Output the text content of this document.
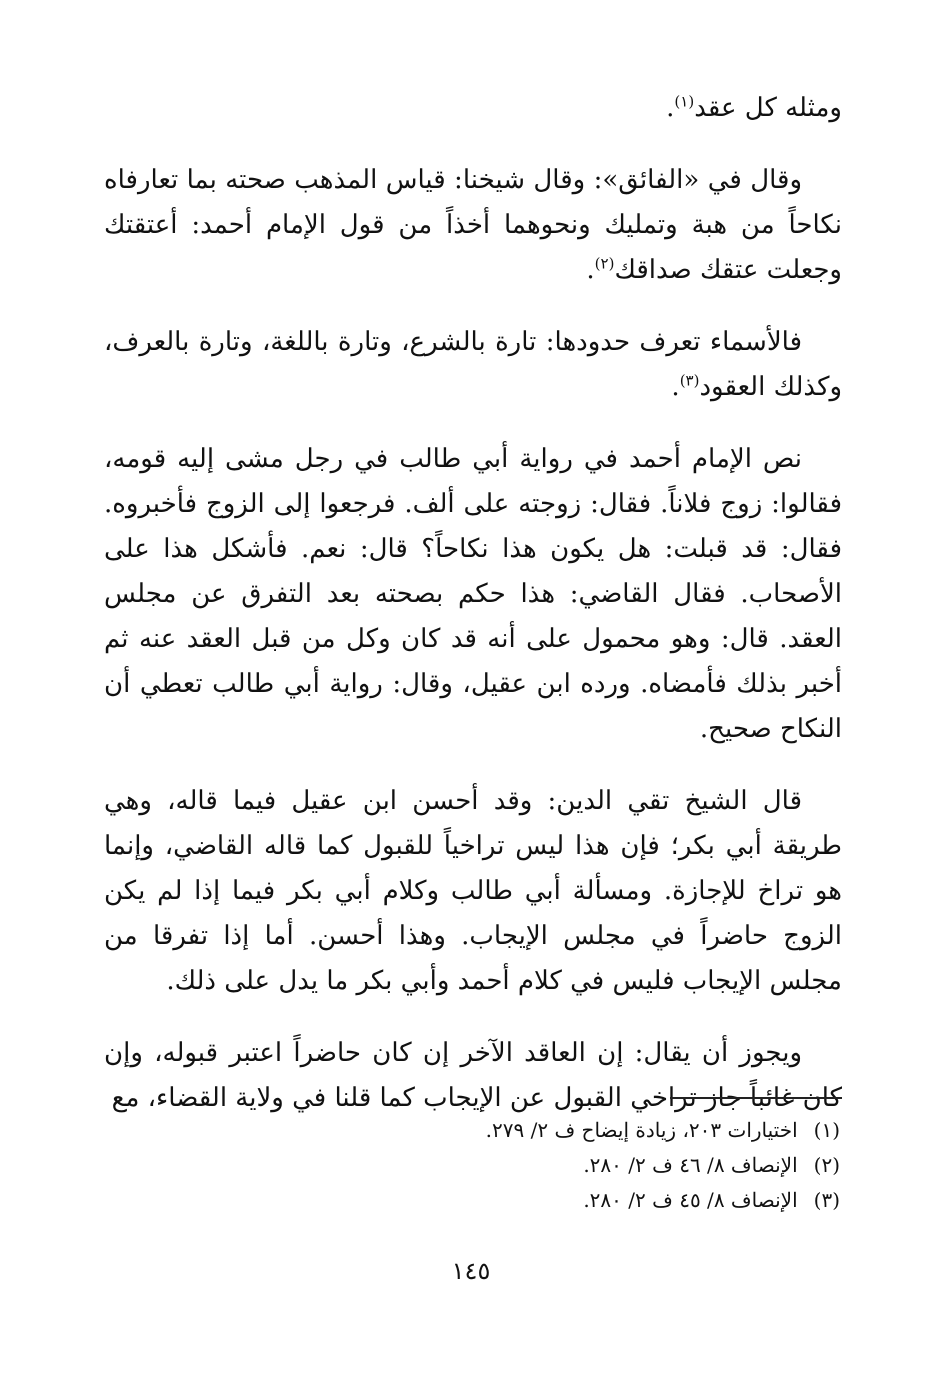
ومثله كل عقد$^{(١)}$.

وقال في «الفائق»: وقال شيخنا: قياس المذهب صحته بما تعارفاه نكاحاً من هبة وتمليك ونحوهما أخذاً من قول الإمام أحمد: أعتقتك وجعلت عتقك صداقك$^{(٢)}$.

فالأسماء تعرف حدودها: تارة بالشرع، وتارة باللغة، وتارة بالعرف، وكذلك العقود$^{(٣)}$.

نص الإمام أحمد في رواية أبي طالب في رجل مشى إليه قومه، فقالوا: زوج فلاناً. فقال: زوجته على ألف. فرجعوا إلى الزوج فأخبروه. فقال: قد قبلت: هل يكون هذا نكاحاً؟ قال: نعم. فأشكل هذا على الأصحاب. فقال القاضي: هذا حكم بصحته بعد التفرق عن مجلس العقد. قال: وهو محمول على أنه قد كان وكل من قبل العقد عنه ثم أخبر بذلك فأمضاه. ورده ابن عقيل، وقال: رواية أبي طالب تعطي أن النكاح صحيح.

قال الشيخ تقي الدين: وقد أحسن ابن عقيل فيما قاله، وهي طريقة أبي بكر؛ فإن هذا ليس تراخياً للقبول كما قاله القاضي، وإنما هو تراخ للإجازة. ومسألة أبي طالب وكلام أبي بكر فيما إذا لم يكن الزوج حاضراً في مجلس الإيجاب. وهذا أحسن. أما إذا تفرقا من مجلس الإيجاب فليس في كلام أحمد وأبي بكر ما يدل على ذلك.

ويجوز أن يقال: إن العاقد الآخر إن كان حاضراً اعتبر قبوله، وإن كان غائباً جاز تراخي القبول عن الإيجاب كما قلنا في ولاية القضاء، مع

(١)اختيارات ٢٠٣، زيادة إيضاح ف ٢/ ٢٧٩.

(٢)الإنصاف ٨/ ٤٦ ف ٢/ ٢٨٠.

(٣)الإنصاف ٨/ ٤٥ ف ٢/ ٢٨٠.

١٤٥
